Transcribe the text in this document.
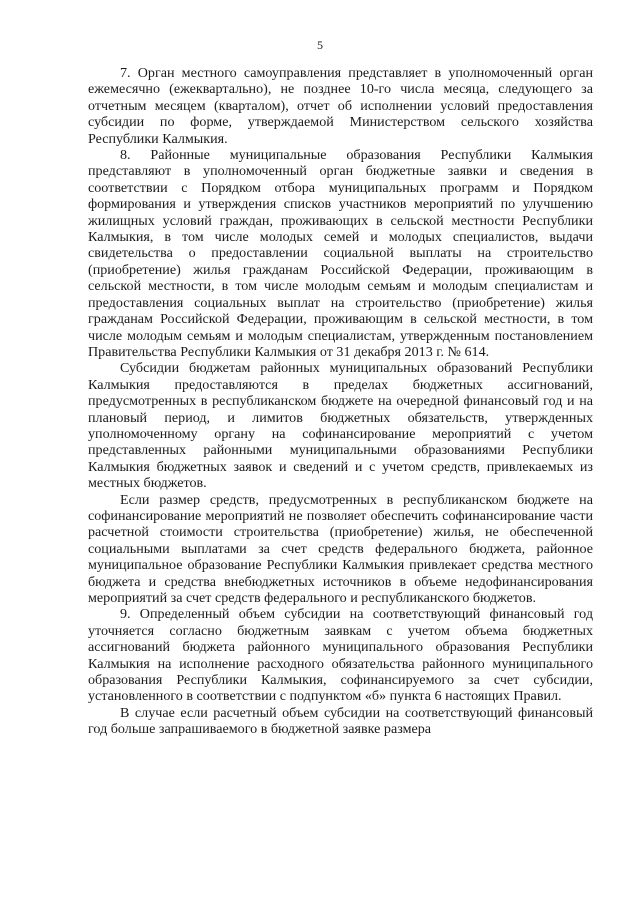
5

7. Орган местного самоуправления представляет в уполномоченный орган ежемесячно (ежеквартально), не позднее 10-го числа месяца, следующего за отчетным месяцем (кварталом), отчет об исполнении условий предоставления субсидии по форме, утверждаемой Министерством сельского хозяйства Республики Калмыкия.

8. Районные муниципальные образования Республики Калмыкия представляют в уполномоченный орган бюджетные заявки и сведения в соответствии с Порядком отбора муниципальных программ и Порядком формирования и утверждения списков участников мероприятий по улучшению жилищных условий граждан, проживающих в сельской местности Республики Калмыкия, в том числе молодых семей и молодых специалистов, выдачи свидетельства о предоставлении социальной выплаты на строительство (приобретение) жилья гражданам Российской Федерации, проживающим в сельской местности, в том числе молодым семьям и молодым специалистам и предоставления социальных выплат на строительство (приобретение) жилья гражданам Российской Федерации, проживающим в сельской местности, в том числе молодым семьям и молодым специалистам, утвержденным постановлением Правительства Республики Калмыкия от 31 декабря 2013 г. № 614.

Субсидии бюджетам районных муниципальных образований Республики Калмыкия предоставляются в пределах бюджетных ассигнований, предусмотренных в республиканском бюджете на очередной финансовый год и на плановый период, и лимитов бюджетных обязательств, утвержденных уполномоченному органу на софинансирование мероприятий с учетом представленных районными муниципальными образованиями Республики Калмыкия бюджетных заявок и сведений и с учетом средств, привлекаемых из местных бюджетов.

Если размер средств, предусмотренных в республиканском бюджете на софинансирование мероприятий не позволяет обеспечить софинансирование части расчетной стоимости строительства (приобретение) жилья, не обеспеченной социальными выплатами за счет средств федерального бюджета, районное муниципальное образование Республики Калмыкия привлекает средства местного бюджета и средства внебюджетных источников в объеме недофинансирования мероприятий за счет средств федерального и республиканского бюджетов.

9. Определенный объем субсидии на соответствующий финансовый год уточняется согласно бюджетным заявкам с учетом объема бюджетных ассигнований бюджета районного муниципального образования Республики Калмыкия на исполнение расходного обязательства районного муниципального образования Республики Калмыкия, софинансируемого за счет субсидии, установленного в соответствии с подпунктом «б» пункта 6 настоящих Правил.

В случае если расчетный объем субсидии на соответствующий финансовый год больше запрашиваемого в бюджетной заявке размера
